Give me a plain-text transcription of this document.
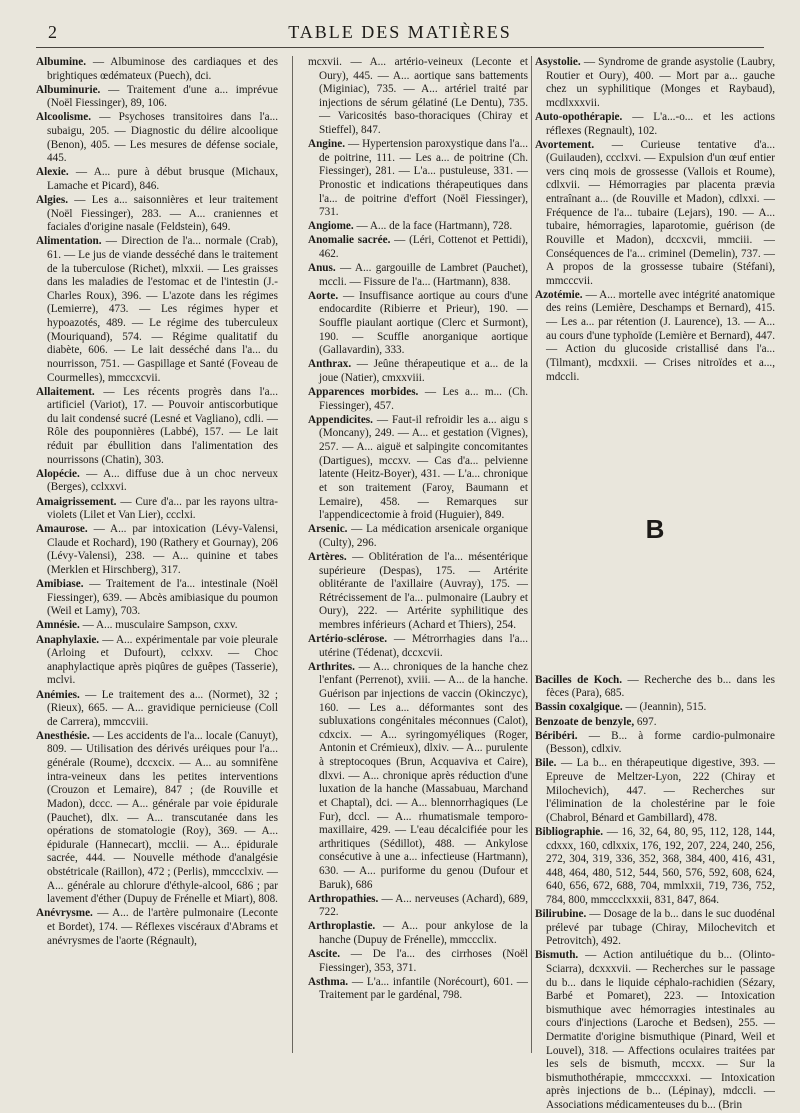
2	TABLE DES MATIÈRES
Albumine. — Albuminose des cardiaques et des brightiques œdémateux (Puech), dci.
Albuminurie. — Traitement d'une a... imprévue (Noël Fiessinger), 89, 106.
Alcoolisme. — Psychoses transitoires dans l'a... subaigu, 205. — Diagnostic du délire alcoolique (Benon), 405. — Les mesures de défense sociale, 445.
Alexie. — A... pure à début brusque (Michaux, Lamache et Picard), 846.
Algies. — Les a... saisonnières et leur traitement (Noël Fiessinger), 283. — A... craniennes et faciales d'origine nasale (Feldstein), 649.
Alimentation. — Direction de l'a... normale (Crab), 61. — Le jus de viande desséché dans le traitement de la tuberculose (Richet), mlxxii. — Les graisses dans les maladies de l'estomac et de l'intestin (J.-Charles Roux), 396. — L'azote dans les régimes (Lemierre), 473. — Les régimes hyper et hypoazotés, 489. — Le régime des tuberculeux (Mouriquand), 574. — Régime qualitatif du diabète, 606. — Le lait desséché dans l'a... du nourrisson, 751. — Gaspillage et Santé (Foveau de Courmelles), mmccxcvii.
Allaitement. — Les récents progrès dans l'a... artificiel (Variot), 17. — Pouvoir antiscorbutique du lait condensé sucré (Lesné et Vagliano), cdli. — Rôle des pouponnières (Labbé), 157. — Le lait réduit par ébullition dans l'alimentation des nourrissons (Chatin), 303.
Alopécie. — A... diffuse due à un choc nerveux (Berges), cclxxvi.
Amaigrissement. — Cure d'a... par les rayons ultra-violets (Lilet et Van Lier), ccclxi.
Amaurose. — A... par intoxication (Lévy-Valensi, Claude et Rochard), 190 (Rathery et Gournay), 206 (Lévy-Valensi), 238. — A... quinine et tabes (Merklen et Hirschberg), 317.
Amibiase. — Traitement de l'a... intestinale (Noël Fiessinger), 639. — Abcès amibiasique du poumon (Weil et Lamy), 703.
Amnésie. — A... musculaire Sampson, cxxv.
Anaphylaxie. — A... expérimentale par voie pleurale (Arloing et Dufourt), cclxxv. — Choc anaphylactique après piqûres de guêpes (Tasserie), mclvi.
Anémies. — Le traitement des a... (Normet), 32 ; (Rieux), 665. — A... gravidique pernicieuse (Coll de Carrera), mmccviii.
Anesthésie. — Les accidents de l'a... locale (Canuyt), 809. — Utilisation des dérivés uréiques pour l'a... générale (Roume), dccxcix. — A... au somnifène intra-veineux dans les petites interventions (Crouzon et Lemaire), 847 ; (de Rouville et Madon), dccc. — A... générale par voie épidurale (Pauchet), dlx. — A... transcutanée dans les opérations de stomatologie (Roy), 369. — A... épidurale (Hannecart), mcclii. — A... épidurale sacrée, 444. — Nouvelle méthode d'analgésie obstétricale (Raillon), 472 ; (Perlis), mmccclxiv. — A... générale au chlorure d'éthyle-alcool, 686 ; par lavement d'éther (Dupuy de Frénelle et Miart), 808.
Anévrysme. — A... de l'artère pulmonaire (Leconte et Bordet), 174. — Réflexes viscéraux d'Abrams et anévrysmes de l'aorte (Régnault),
mcxvii. — A... artério-veineux (Leconte et Oury), 445. — A... aortique sans battements (Miginiac), 735. — A... artériel traité par injections de sérum gélatiné (Le Dentu), 735. — Varicosités baso-thoraciques (Chiray et Stieffel), 847.
Angine. — Hypertension paroxystique dans l'a... de poitrine, 111. — Les a... de poitrine (Ch. Fiessinger), 281. — L'a... pustuleuse, 331. — Pronostic et indications thérapeutiques dans l'a... de poitrine d'effort (Noël Fiessinger), 731.
Angiome. — A... de la face (Hartmann), 728.
Anomalie sacrée. — (Léri, Cottenot et Pettidi), 462.
Anus. — A... gargouille de Lambret (Pauchet), mccli. — Fissure de l'a... (Hartmann), 838.
Aorte. — Insuffisance aortique au cours d'une endocardite (Ribierre et Prieur), 190. — Souffle piaulant aortique (Clerc et Surmont), 190. — Scuffle anorganique aortique (Gallavardin), 333.
Anthrax. — Jeûne thérapeutique et a... de la joue (Natier), cmxxviii.
Apparences morbides. — Les a... m... (Ch. Fiessinger), 457.
Appendicites. — Faut-il refroidir les a... aigu s (Moncany), 249. — A... et gestation (Vignes), 257. — A... aiguë et salpingite concomitantes (Dartigues), mccxv. — Cas d'a... pelvienne latente (Heitz-Boyer), 431. — L'a... chronique et son traitement (Faroy, Baumann et Lemaire), 458. — Remarques sur l'appendicectomie à froid (Huguier), 849.
Arsenic. — La médication arsenicale organique (Culty), 296.
Artères. — Oblitération de l'a... mésentérique supérieure (Despas), 175. — Artérite oblitérante de l'axillaire (Auvray), 175. — Rétrécissement de l'a... pulmonaire (Laubry et Oury), 222. — Artérite syphilitique des membres inférieurs (Achard et Thiers), 254.
Artério-sclérose. — Métrorrhagies dans l'a... utérine (Tédenat), dccxcvii.
Arthrites. — A... chroniques de la hanche chez l'enfant (Perrenot), xviii. — A... de la hanche. Guérison par injections de vaccin (Okinczyc), 160. — Les a... déformantes sont des subluxations congénitales méconnues (Calot), cdxcix. — A... syringomyéliques (Roger, Antonin et Crémieux), dlxiv. — A... purulente à streptocoques (Brun, Acquaviva et Caire), dlxvi. — A... chronique après réduction d'une luxation de la hanche (Massabuau, Marchand et Chaptal), dci. — A... blennorrhagiques (Le Fur), dccl. — A... rhumatismale temporo-maxillaire, 429. — L'eau décalcifiée pour les arthritiques (Sédillot), 488. — Ankylose consécutive à une a... infectieuse (Hartmann), 630. — A... puriforme du genou (Dufour et Baruk), 686
Arthropathies. — A... nerveuses (Achard), 689, 722.
Arthroplastie. — A... pour ankylose de la hanche (Dupuy de Frénelle), mmccclix.
Ascite. — De l'a... des cirrhoses (Noël Fiessinger), 353, 371.
Asthma. — L'a... infantile (Norécourt), 601. — Traitement par le gardénal, 798.
Asystolie. — Syndrome de grande asystolie (Laubry, Routier et Oury), 400. — Mort par a... gauche chez un syphilitique (Monges et Raybaud), mcdlxxxvii.
Auto-opothérapie. — L'a...-o... et les actions réflexes (Regnault), 102.
Avortement. — Curieuse tentative d'a... (Guilauden), ccclxvi. — Expulsion d'un œuf entier vers cinq mois de grossesse (Vallois et Roume), cdlxvii. — Hémorragies par placenta prævia entraînant a... (de Rouville et Madon), cdlxxi. — Fréquence de l'a... tubaire (Lejars), 190. — A... tubaire, hémorragies, laparotomie, guérison (de Rouville et Madon), dccxcvii, mmciii. — Conséquences de l'a... criminel (Demelin), 737. — A propos de la grossesse tubaire (Stéfani), mmcccvii.
Azotémie. — A... mortelle avec intégrité anatomique des reins (Lemière, Deschamps et Bernard), 415. — Les a... par rétention (J. Laurence), 13. — A... au cours d'une typhoïde (Lemière et Bernard), 447. — Action du glucoside cristallisé dans l'a... (Tilmant), mcdxxii. — Crises nitroïdes et a..., mdccli.
B
Bacilles de Koch. — Recherche des b... dans les fèces (Para), 685.
Bassin coxalgique. — (Jeannin), 515.
Benzoate de benzyle, 697.
Béribéri. — B... à forme cardio-pulmonaire (Besson), cdlxiv.
Bile. — La b... en thérapeutique digestive, 393. — Epreuve de Meltzer-Lyon, 222 (Chiray et Milochevich), 447. — Recherches sur l'élimination de la cholestérine par le foie (Chabrol, Bénard et Gambillard), 478.
Bibliographie. — 16, 32, 64, 80, 95, 112, 128, 144, cdxxx, 160, cdlxxix, 176, 192, 207, 224, 240, 256, 272, 304, 319, 336, 352, 368, 384, 400, 416, 431, 448, 464, 480, 512, 544, 560, 576, 592, 608, 624, 640, 656, 672, 688, 704, mmlxxii, 719, 736, 752, 784, 800, mmccclxxxii, 831, 847, 864.
Bilirubine. — Dosage de la b... dans le suc duodénal prélevé par tubage (Chiray, Milochevitch et Petrovitch), 492.
Bismuth. — Action antiluétique du b... (Olinto-Sciarra), dcxxxvii. — Recherches sur le passage du b... dans le liquide céphalo-rachidien (Sézary, Barbé et Pomaret), 223. — Intoxication bismuthique avec hémorragies intestinales au cours d'injections (Laroche et Bedsen), 255. — Dermatite d'origine bismuthique (Pinard, Weil et Louvel), 318. — Affections oculaires traitées par les sels de bismuth, mccxx. — Sur la bismuthothérapie, mmcccxxxi. — Intoxication après injections de b... (Lépinay), mdccli. — Associations médicamenteuses du b... (Brin
